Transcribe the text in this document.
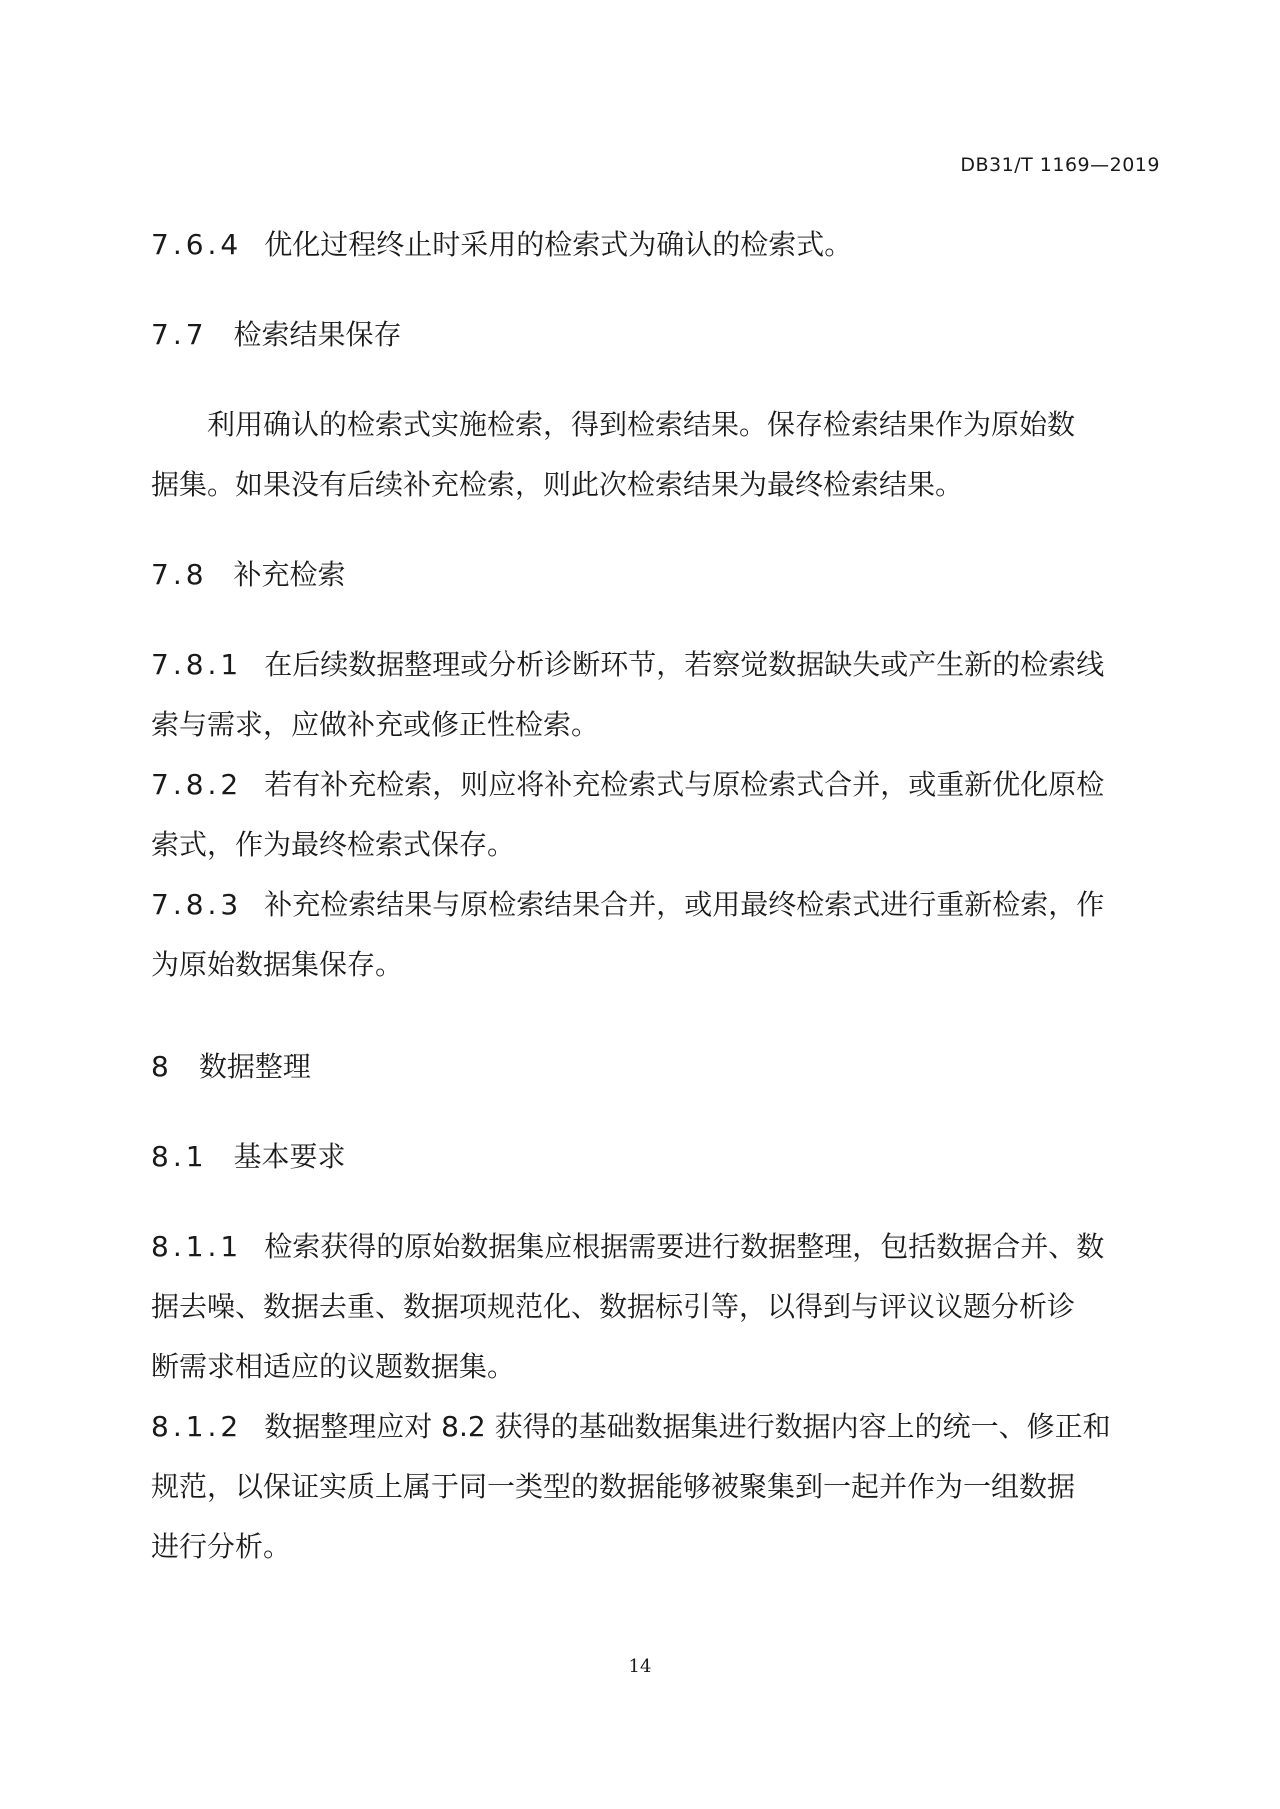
DB31/T 1169—2019
7.6.4 优化过程终止时采用的检索式为确认的检索式。
7.7 检索结果保存
利用确认的检索式实施检索，得到检索结果。保存检索结果作为原始数
据集。如果没有后续补充检索，则此次检索结果为最终检索结果。
7.8 补充检索
7.8.1 在后续数据整理或分析诊断环节，若察觉数据缺失或产生新的检索线
索与需求，应做补充或修正性检索。
7.8.2 若有补充检索，则应将补充检索式与原检索式合并，或重新优化原检
索式，作为最终检索式保存。
7.8.3 补充检索结果与原检索结果合并，或用最终检索式进行重新检索，作
为原始数据集保存。
8 数据整理
8.1 基本要求
8.1.1 检索获得的原始数据集应根据需要进行数据整理，包括数据合并、数
据去噪、数据去重、数据项规范化、数据标引等，以得到与评议议题分析诊
断需求相适应的议题数据集。
8.1.2 数据整理应对 8.2 获得的基础数据集进行数据内容上的统一、修正和
规范，以保证实质上属于同一类型的数据能够被聚集到一起并作为一组数据
进行分析。
14
